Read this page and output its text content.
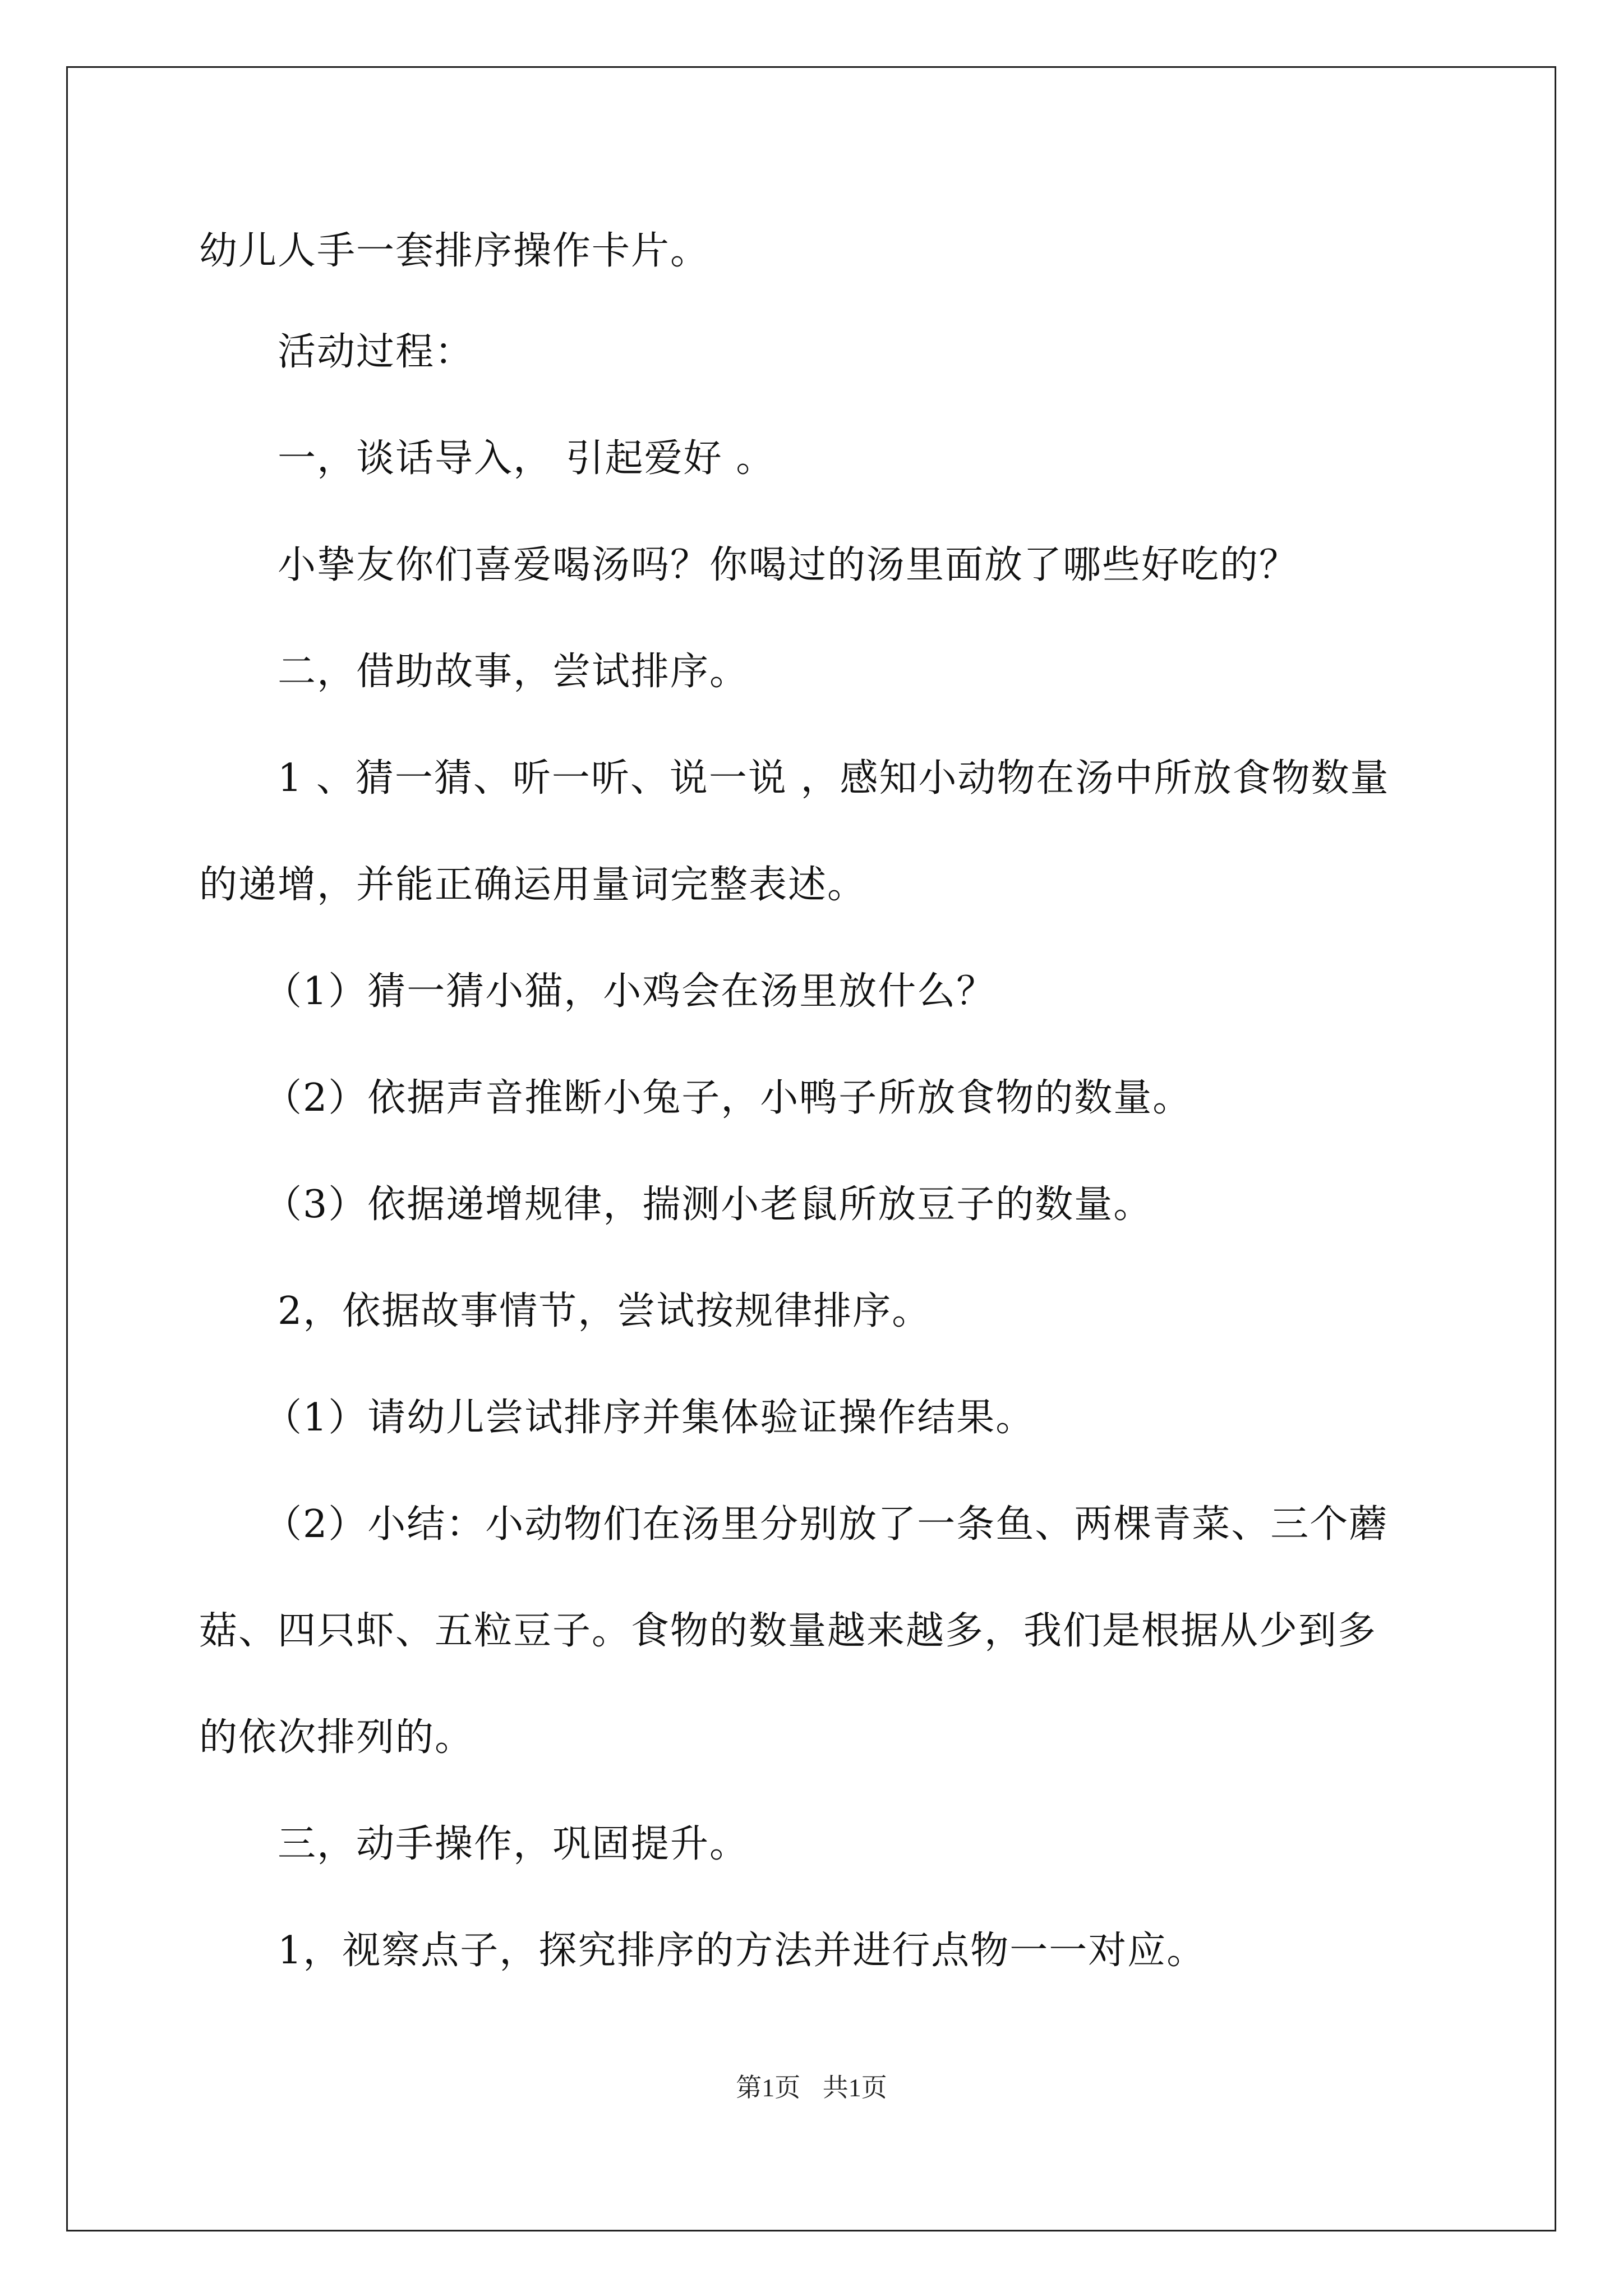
幼儿人手一套排序操作卡片。
活动过程：
一，谈话导入， 引起爱好 。
小挚友你们喜爱喝汤吗？你喝过的汤里面放了哪些好吃的？
二，借助故事，尝试排序。
1 、猜一猜、听一听、说一说 ，感知小动物在汤中所放食物数量
的递增，并能正确运用量词完整表述。
（1）猜一猜小猫，小鸡会在汤里放什么？
（2）依据声音推断小兔子，小鸭子所放食物的数量。
（3）依据递增规律，揣测小老鼠所放豆子的数量。
2，依据故事情节，尝试按规律排序。
（1）请幼儿尝试排序并集体验证操作结果。
（2）小结：小动物们在汤里分别放了一条鱼、两棵青菜、三个蘑
菇、四只虾、五粒豆子。食物的数量越来越多，我们是根据从少到多
的依次排列的。
三，动手操作，巩固提升。
1，视察点子，探究排序的方法并进行点物一一对应。
第1页 共1页
